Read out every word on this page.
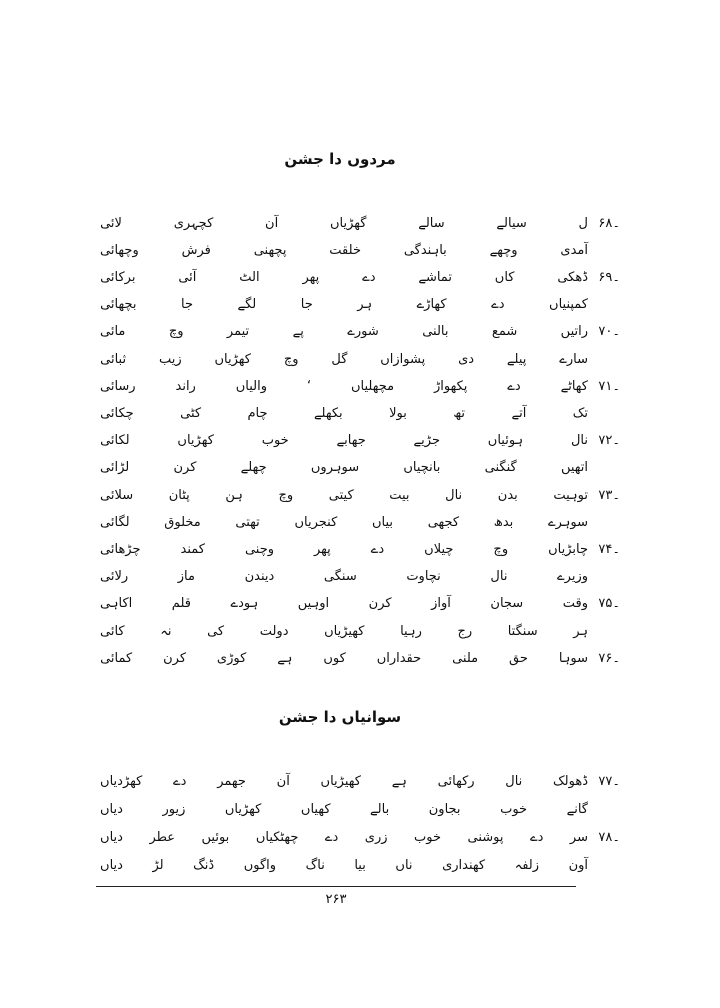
مردوں دا جشن
سوانیاں دا جشن
۲۶۳
۶۸۔
ل
سیالے
سالے
گھڑیاں
آن
کچہری
لائی
آمدی
وچھے
باہندگی
خلقت
پچھنی
فرش
وچھائی
۶۹۔
ڈھکی
کاں
تماشے
دے
پھر
الٹ
آئی
برکائی
کمپنیاں
دے
کھاڑے
ہر
جا
لگے
جا
بچھائی
۷۰۔
راتیں
شمع
بالنی
شورے
پے
تیمر
وچ
مائی
سارے
پیلے
دی
پشوازاں
گل
وچ
کھڑیاں
زیب
ثبائی
۷۱۔
کھاٹے
دے
پکھواڑ
مچھلیاں
‘
والیاں
راند
رسائی
تک
آتے
تھ
بولا
بکھلے
چام
کٹی
چکائی
۷۲۔
نال
ہوئیاں
جڑیے
جھابے
خوب
کھڑیاں
لکائی
اتھیں
گنگنی
بانچیاں
سوہروں
چھلے
کرن
لڑائی
۷۳۔
توہیت
بدن
نال
بیت
کیتی
وچ
ہن
پٹان
سلائی
سوہرے
بدھ
کجھی
بیاں
کنجریاں
تھتی
مخلوق
لگائی
۷۴۔
چابڑیاں
وچ
چیلاں
دے
پھر
وچنی
کمند
چڑھائی
وزیرے
نال
نچاوت
سنگی
دیندن
ماز
رلائی
۷۵۔
وقت
سجان
آواز
کرن
اوہیں
ہودے
قلم
اکاہی
ہر
سنگتا
رج
رہیا
کھیڑیاں
دولت
کی
نہ
کائی
۷۶۔
سوہا
حق
ملنی
حقداراں
کوں
ہے
کوڑی
کرن
کمائی
۷۷۔
ڈھولک
نال
رکھائی
ہے
کھیڑیاں
آن
جھمر
دے
کھڑدیاں
گانے
خوب
بجاون
بالے
کھیاں
کھڑیاں
زیور
دیاں
۷۸۔
سر
دے
پوشنی
خوب
زری
دے
چھٹکیاں
بوئیں
عطر
دیاں
آون
زلفہ
کھنداری
ناں
بیا
ناگ
واگوں
ڈنگ
لڑ
دیاں
